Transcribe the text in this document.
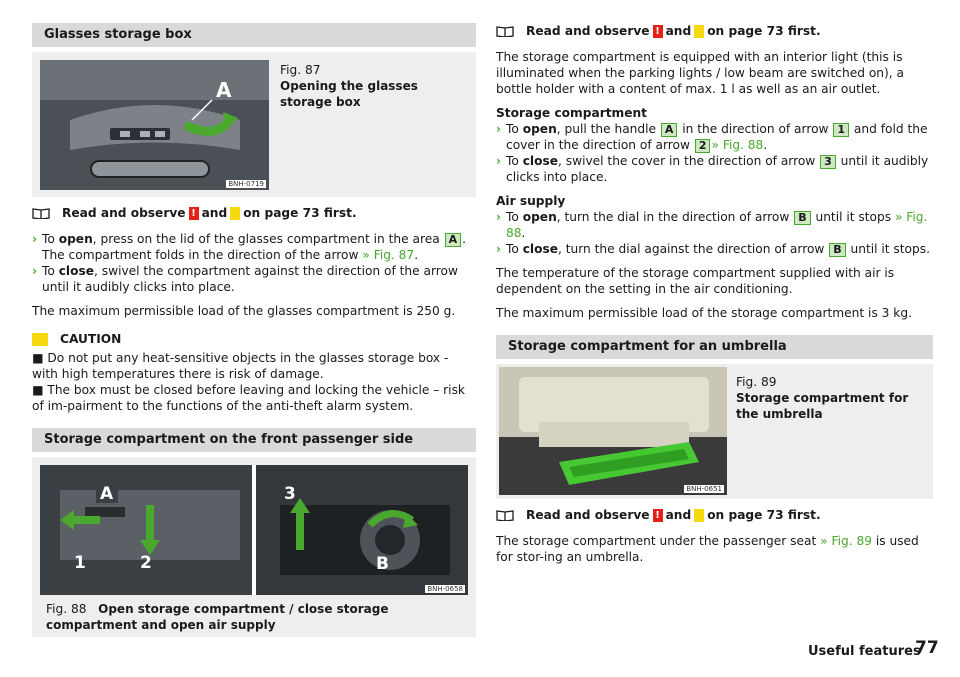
Glasses storage box
A
BNH-0719
Fig. 87
Opening the glasses storage box
Read and observe ! and ! on page 73 first.
› To open, press on the lid of the glasses compartment in the area A . The compartment folds in the direction of the arrow » Fig. 87.
› To close, swivel the compartment against the direction of the arrow until it audibly clicks into place.

The maximum permissible load of the glasses compartment is 250 g.

CAUTION

■ Do not put any heat-sensitive objects in the glasses storage box - with high temperatures there is risk of damage.

■ The box must be closed before leaving and locking the vehicle – risk of im-pairment to the functions of the anti-theft alarm system.

Storage compartment on the front passenger side
A
1	2
3
B
BNH-0658
Fig. 88 Open storage compartment / close storage compartment and open air supply
Read and observe ! and ! on page 73 first.

The storage compartment is equipped with an interior light (this is illuminated when the parking lights / low beam are switched on), a bottle holder with a content of max. 1 l as well as an air outlet.

Storage compartment

› To open, pull the handle A in the direction of arrow 1 and fold the cover in the direction of arrow 2 » Fig. 88.
› To close, swivel the cover in the direction of arrow 3 until it audibly clicks into place.

Air supply

› To open, turn the dial in the direction of arrow B until it stops » Fig. 88.
› To close, turn the dial against the direction of arrow B until it stops.

The temperature of the storage compartment supplied with air is dependent on the setting in the air conditioning.

The maximum permissible load of the storage compartment is 3 kg.

Storage compartment for an umbrella
BNH-0651
Fig. 89
Storage compartment for the umbrella
Read and observe ! and ! on page 73 first.

The storage compartment under the passenger seat » Fig. 89 is used for stor-ing an umbrella.

Useful features
77
